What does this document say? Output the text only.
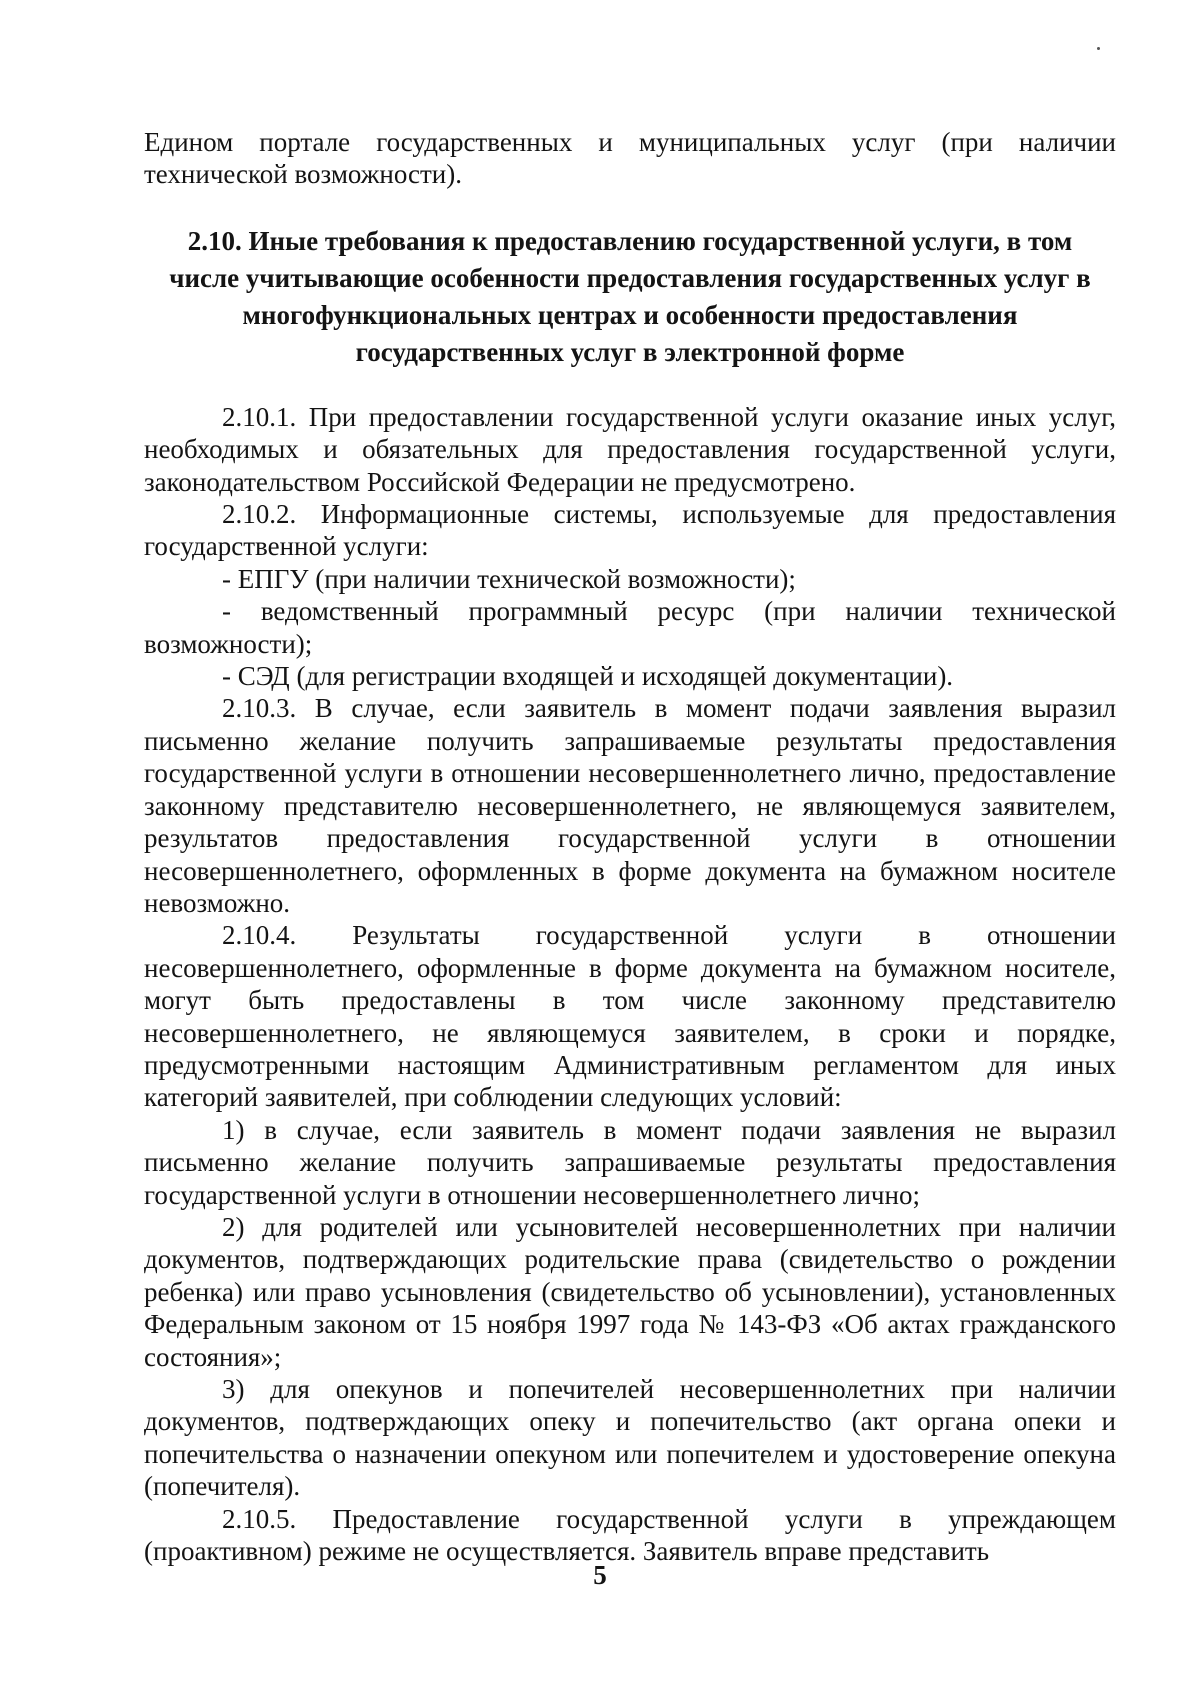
Едином портале государственных и муниципальных услуг (при наличии технической возможности).

2.10. Иные требования к предоставлению государственной услуги, в том
числе учитывающие особенности предоставления государственных услуг в
многофункциональных центрах и особенности предоставления
государственных услуг в электронной форме

2.10.1. При предоставлении государственной услуги оказание иных услуг, необходимых и обязательных для предоставления государственной услуги, законодательством Российской Федерации не предусмотрено.

2.10.2. Информационные системы, используемые для предоставления государственной услуги:

- ЕПГУ (при наличии технической возможности);

- ведомственный программный ресурс (при наличии технической возможности);

- СЭД (для регистрации входящей и исходящей документации).

2.10.3. В случае, если заявитель в момент подачи заявления выразил письменно желание получить запрашиваемые результаты предоставления государственной услуги в отношении несовершеннолетнего лично, предоставление законному представителю несовершеннолетнего, не являющемуся заявителем, результатов предоставления государственной услуги в отношении несовершеннолетнего, оформленных в форме документа на бумажном носителе невозможно.

2.10.4. Результаты государственной услуги в отношении несовершеннолетнего, оформленные в форме документа на бумажном носителе, могут быть предоставлены в том числе законному представителю несовершеннолетнего, не являющемуся заявителем, в сроки и порядке, предусмотренными настоящим Административным регламентом для иных категорий заявителей, при соблюдении следующих условий:

1) в случае, если заявитель в момент подачи заявления не выразил письменно желание получить запрашиваемые результаты предоставления государственной услуги в отношении несовершеннолетнего лично;

2) для родителей или усыновителей несовершеннолетних при наличии документов, подтверждающих родительские права (свидетельство о рождении ребенка) или право усыновления (свидетельство об усыновлении), установленных Федеральным законом от 15 ноября 1997 года № 143-ФЗ «Об актах гражданского состояния»;

3) для опекунов и попечителей несовершеннолетних при наличии документов, подтверждающих опеку и попечительство (акт органа опеки и попечительства о назначении опекуном или попечителем и удостоверение опекуна (попечителя).

2.10.5. Предоставление государственной услуги в упреждающем (проактивном) режиме не осуществляется. Заявитель вправе представить

5
